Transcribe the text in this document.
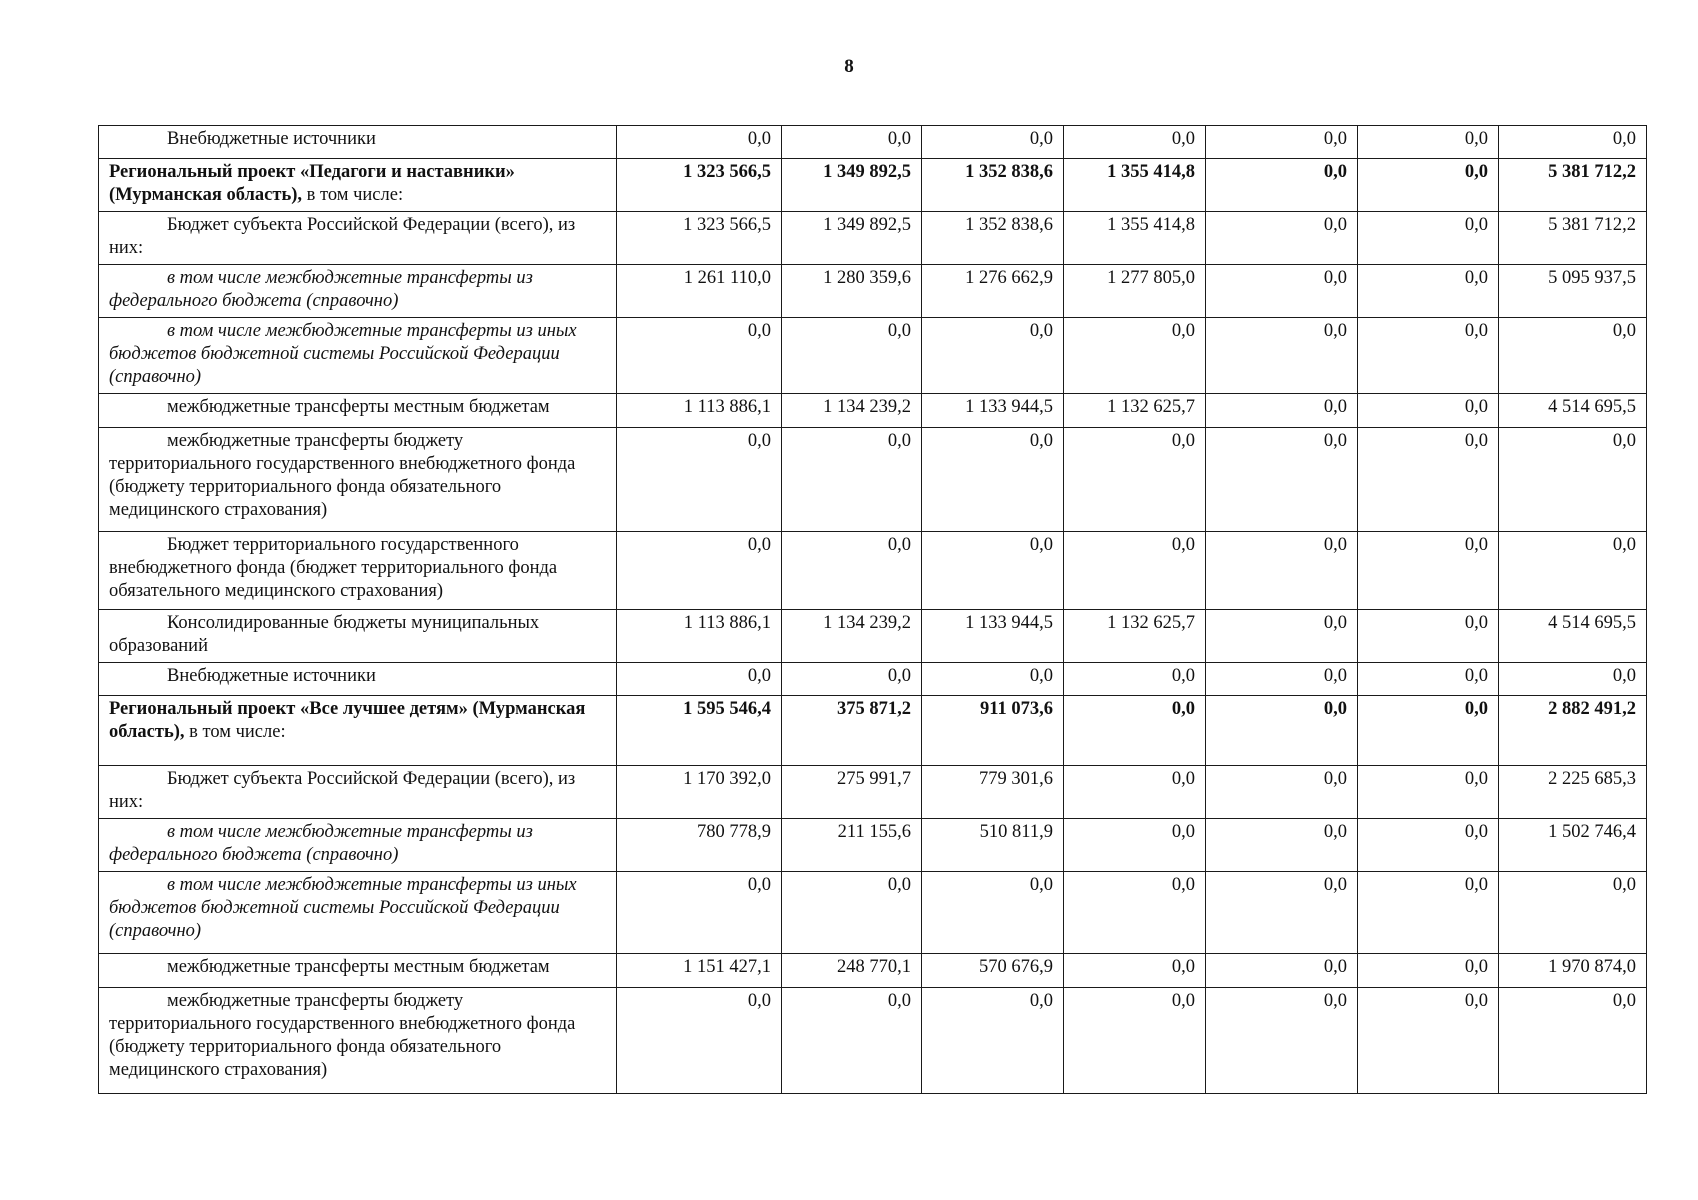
8
Внебюджетные источники	0,0	0,0	0,0	0,0	0,0	0,0	0,0
Региональный проект «Педагоги и наставники» (Мурманская область), в том числе:	1 323 566,5	1 349 892,5	1 352 838,6	1 355 414,8	0,0	0,0	5 381 712,2
Бюджет субъекта Российской Федерации (всего), из них:	1 323 566,5	1 349 892,5	1 352 838,6	1 355 414,8	0,0	0,0	5 381 712,2
в том числе межбюджетные трансферты из федерального бюджета (справочно)	1 261 110,0	1 280 359,6	1 276 662,9	1 277 805,0	0,0	0,0	5 095 937,5
в том числе межбюджетные трансферты из иных бюджетов бюджетной системы Российской Федерации (справочно)	0,0	0,0	0,0	0,0	0,0	0,0	0,0
межбюджетные трансферты местным бюджетам	1 113 886,1	1 134 239,2	1 133 944,5	1 132 625,7	0,0	0,0	4 514 695,5
межбюджетные трансферты бюджету территориального государственного внебюджетного фонда (бюджету территориального фонда обязательного медицинского страхования)	0,0	0,0	0,0	0,0	0,0	0,0	0,0
Бюджет территориального государственного внебюджетного фонда (бюджет территориального фонда обязательного медицинского страхования)	0,0	0,0	0,0	0,0	0,0	0,0	0,0
Консолидированные бюджеты муниципальных образований	1 113 886,1	1 134 239,2	1 133 944,5	1 132 625,7	0,0	0,0	4 514 695,5
Внебюджетные источники	0,0	0,0	0,0	0,0	0,0	0,0	0,0
Региональный проект «Все лучшее детям» (Мурманская область), в том числе:	1 595 546,4	375 871,2	911 073,6	0,0	0,0	0,0	2 882 491,2
Бюджет субъекта Российской Федерации (всего), из них:	1 170 392,0	275 991,7	779 301,6	0,0	0,0	0,0	2 225 685,3
в том числе межбюджетные трансферты из федерального бюджета (справочно)	780 778,9	211 155,6	510 811,9	0,0	0,0	0,0	1 502 746,4
в том числе межбюджетные трансферты из иных бюджетов бюджетной системы Российской Федерации (справочно)	0,0	0,0	0,0	0,0	0,0	0,0	0,0
межбюджетные трансферты местным бюджетам	1 151 427,1	248 770,1	570 676,9	0,0	0,0	0,0	1 970 874,0
межбюджетные трансферты бюджету территориального государственного внебюджетного фонда (бюджету территориального фонда обязательного медицинского страхования)	0,0	0,0	0,0	0,0	0,0	0,0	0,0
